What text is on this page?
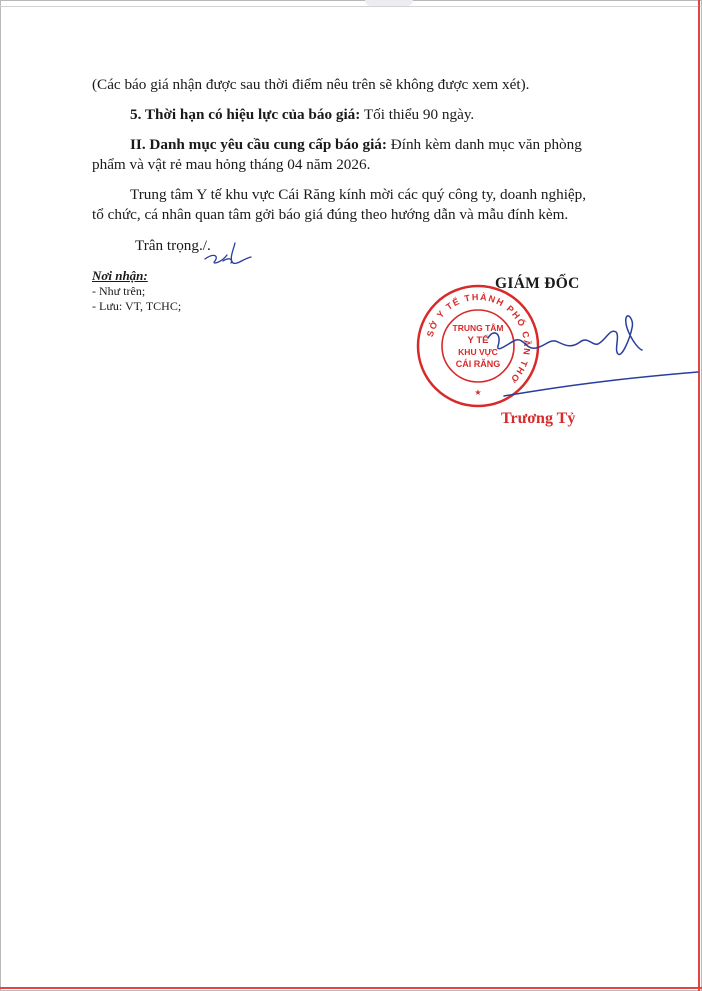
(Các báo giá nhận được sau thời điểm nêu trên sẽ không được xem xét).
5. Thời hạn có hiệu lực của báo giá: Tối thiểu 90 ngày.
II. Danh mục yêu cầu cung cấp báo giá: Đính kèm danh mục văn phòng
phẩm và vật rẻ mau hỏng tháng 04 năm 2026.
Trung tâm Y tế khu vực Cái Răng kính mời các quý công ty, doanh nghiệp,
tổ chức, cá nhân quan tâm gởi báo giá đúng theo hướng dẫn và mẫu đính kèm.
Trân trọng./.
Nơi nhận:
- Như trên;
- Lưu: VT, TCHC;
GIÁM ĐỐC
SỞ Y TẾ THÀNH PHỐ CẦN THƠ
TRUNG TÂM
Y TẾ
KHU VỰC
CÁI RĂNG
★
Trương Tỷ
